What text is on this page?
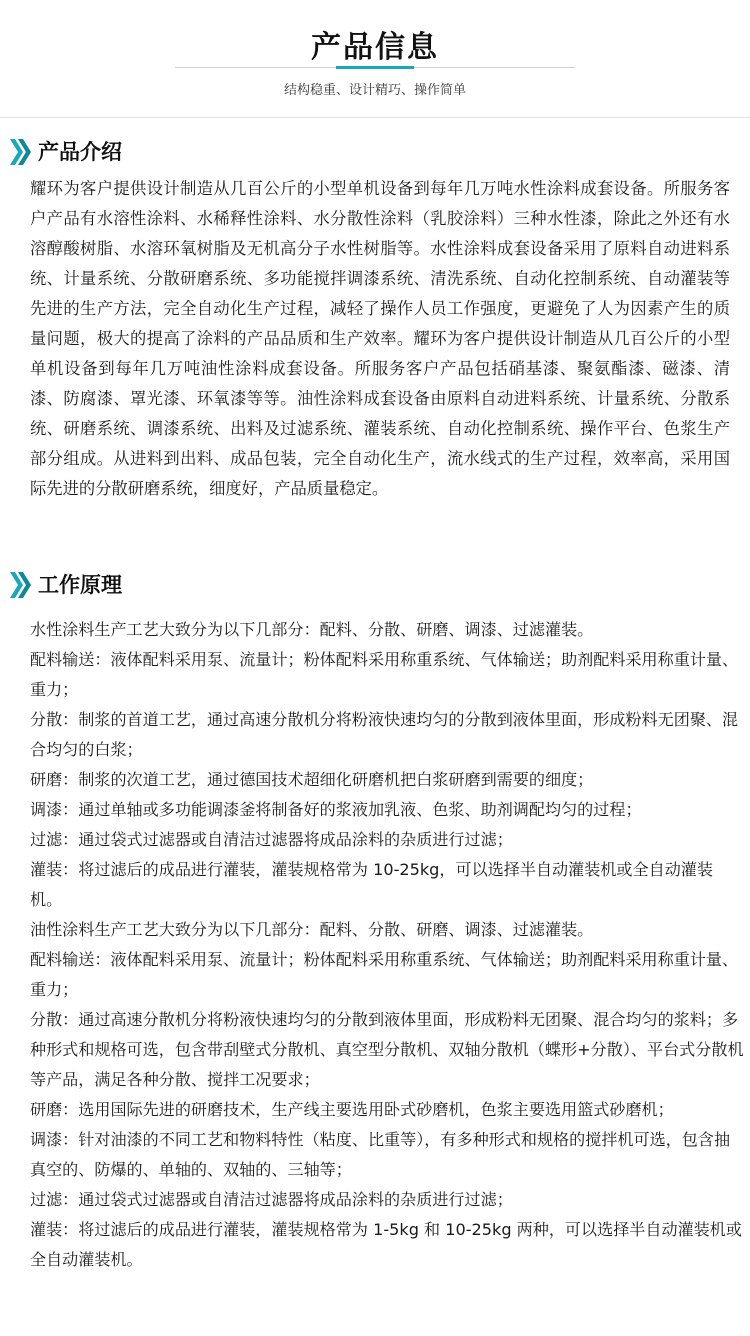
产品信息
结构稳重、设计精巧、操作简单
产品介绍

耀环为客户提供设计制造从几百公斤的小型单机设备到每年几万吨水性涂料成套设备。所服务客户产品有水溶性涂料、水稀释性涂料、水分散性涂料（乳胶涂料）三种水性漆，除此之外还有水溶醇酸树脂、水溶环氧树脂及无机高分子水性树脂等。水性涂料成套设备采用了原料自动进料系统、计量系统、分散研磨系统、多功能搅拌调漆系统、清洗系统、自动化控制系统、自动灌装等先进的生产方法，完全自动化生产过程，减轻了操作人员工作强度，更避免了人为因素产生的质量问题，极大的提高了涂料的产品品质和生产效率。耀环为客户提供设计制造从几百公斤的小型单机设备到每年几万吨油性涂料成套设备。所服务客户产品包括硝基漆、聚氨酯漆、磁漆、清漆、防腐漆、罩光漆、环氧漆等等。油性涂料成套设备由原料自动进料系统、计量系统、分散系统、研磨系统、调漆系统、出料及过滤系统、灌装系统、自动化控制系统、操作平台、色浆生产部分组成。从进料到出料、成品包装，完全自动化生产，流水线式的生产过程，效率高，采用国际先进的分散研磨系统，细度好，产品质量稳定。

工作原理

水性涂料生产工艺大致分为以下几部分：配料、分散、研磨、调漆、过滤灌装。

配料输送：液体配料采用泵、流量计；粉体配料采用称重系统、气体输送；助剂配料采用称重计量、重力；

分散：制浆的首道工艺，通过高速分散机分将粉液快速均匀的分散到液体里面，形成粉料无团聚、混合均匀的白浆；

研磨：制浆的次道工艺，通过德国技术超细化研磨机把白浆研磨到需要的细度；

调漆：通过单轴或多功能调漆釜将制备好的浆液加乳液、色浆、助剂调配均匀的过程；

过滤：通过袋式过滤器或自清洁过滤器将成品涂料的杂质进行过滤；

灌装：将过滤后的成品进行灌装，灌装规格常为 10-25kg，可以选择半自动灌装机或全自动灌装机。

油性涂料生产工艺大致分为以下几部分：配料、分散、研磨、调漆、过滤灌装。

配料输送：液体配料采用泵、流量计；粉体配料采用称重系统、气体输送；助剂配料采用称重计量、重力；

分散：通过高速分散机分将粉液快速均匀的分散到液体里面，形成粉料无团聚、混合均匀的浆料；多种形式和规格可选，包含带刮壁式分散机、真空型分散机、双轴分散机（蝶形+分散）、平台式分散机等产品，满足各种分散、搅拌工况要求；

研磨：选用国际先进的研磨技术，生产线主要选用卧式砂磨机，色浆主要选用篮式砂磨机；

调漆：针对油漆的不同工艺和物料特性（粘度、比重等），有多种形式和规格的搅拌机可选，包含抽真空的、防爆的、单轴的、双轴的、三轴等；

过滤：通过袋式过滤器或自清洁过滤器将成品涂料的杂质进行过滤；

灌装：将过滤后的成品进行灌装，灌装规格常为 1-5kg 和 10-25kg 两种，可以选择半自动灌装机或全自动灌装机。
